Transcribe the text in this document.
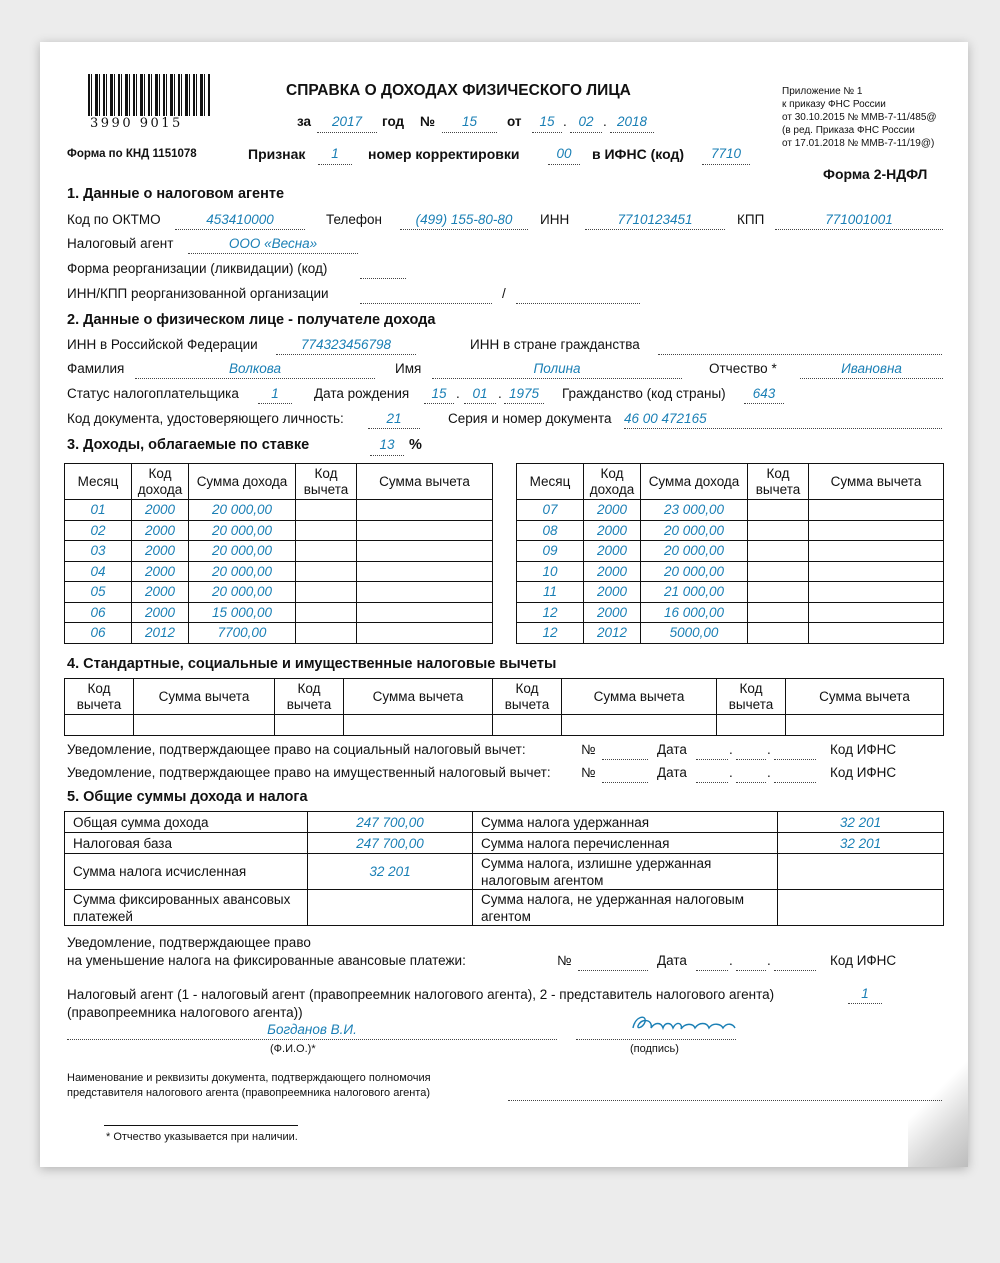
3990 9015
Приложение № 1
к приказу ФНС России
от 30.10.2015 № ММВ-7-11/485@
(в ред. Приказа ФНС России
от 17.01.2018 № ММВ-7-11/19@)
СПРАВКА О ДОХОДАХ ФИЗИЧЕСКОГО ЛИЦА
за	2017	год №	15	от	15 . 02 . 2018
Форма по КНД 1151078	Признак	1	номер корректировки	00	в ИФНС (код)	7710
Форма 2-НДФЛ
1. Данные о налоговом агенте
Код по ОКТМО	453410000	Телефон	(499) 155-80-80	ИНН	7710123451	КПП	771001001
Налоговый агент	ООО «Весна»
Форма реорганизации (ликвидации) (код)
ИНН/КПП реорганизованной организации	/
2. Данные о физическом лице - получателе дохода
ИНН в Российской Федерации	774323456798	ИНН в стране гражданства
Фамилия	Волкова	Имя	Полина	Отчество *	Ивановна
Статус налогоплательщика	1	Дата рождения	15 . 01 . 1975	Гражданство (код страны)	643
Код документа, удостоверяющего личность:	21	Серия и номер документа 46 00 472165
3. Доходы, облагаемые по ставке	13 %
Месяц	Код дохода	Сумма дохода	Код вычета	Сумма вычета
01	2000	20 000,00		
02	2000	20 000,00		
03	2000	20 000,00		
04	2000	20 000,00		
05	2000	20 000,00		
06	2000	15 000,00		
06	2012	7700,00		
Месяц	Код дохода	Сумма дохода	Код вычета	Сумма вычета
07	2000	23 000,00		
08	2000	20 000,00		
09	2000	20 000,00		
10	2000	20 000,00		
11	2000	21 000,00		
12	2000	16 000,00		
12	2012	5000,00		
4. Стандартные, социальные и имущественные налоговые вычеты
Код вычета	Сумма вычета	Код вычета	Сумма вычета	Код вычета	Сумма вычета	Код вычета	Сумма вычета

Уведомление, подтверждающее право на социальный налоговый вычет:	№	Дата	.	.	Код ИФНС
Уведомление, подтверждающее право на имущественный налоговый вычет: №	Дата	.	.	Код ИФНС
5. Общие суммы дохода и налога
Общая сумма дохода	247 700,00	Сумма налога удержанная	32 201
Налоговая база	247 700,00	Сумма налога перечисленная	32 201
Сумма налога исчисленная	32 201	Сумма налога, излишне удержанная налоговым агентом	
Сумма фиксированных авансовых платежей		Сумма налога, не удержанная налоговым агентом	
Уведомление, подтверждающее право
на уменьшение налога на фиксированные авансовые платежи:	№	Дата	.	.	Код ИФНС
Налоговый агент (1 - налоговый агент (правопреемник налогового агента), 2 - представитель налогового агента)	1
(правопреемника налогового агента))
Богданов В.И.
(Ф.И.О.)*	(подпись)
Наименование и реквизиты документа, подтверждающего полномочия
представителя налогового агента (правопреемника налогового агента)
* Отчество указывается при наличии.
